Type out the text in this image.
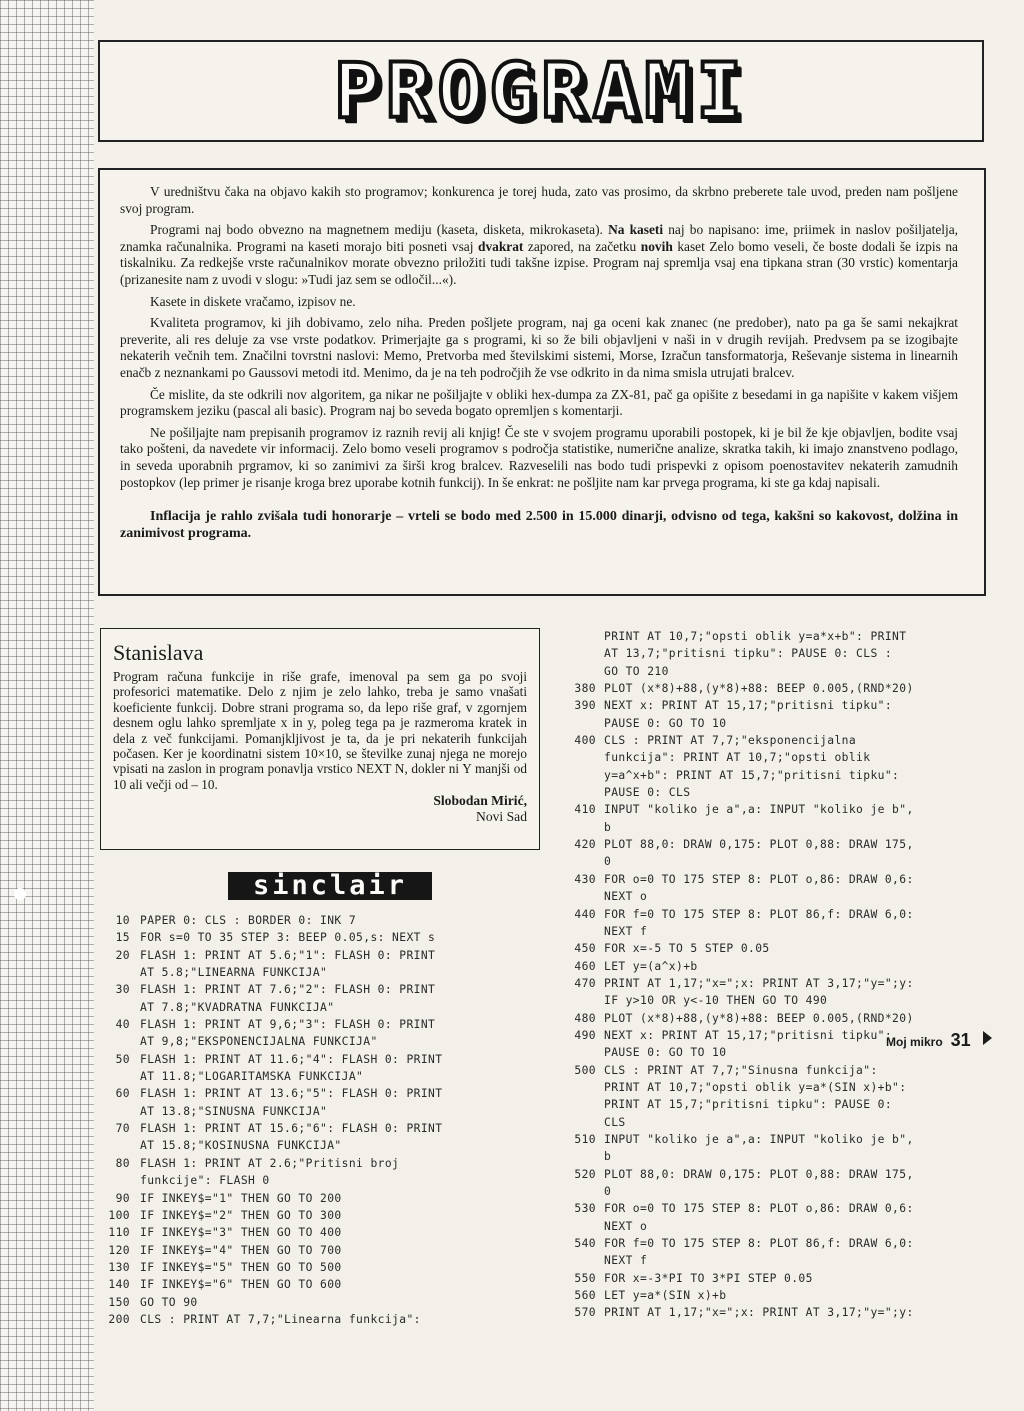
PROGRAMI

V uredništvu čaka na objavo kakih sto programov; konkurenca je torej huda, zato vas prosimo, da skrbno preberete tale uvod, preden nam pošljene svoj program.

Programi naj bodo obvezno na magnetnem mediju (kaseta, disketa, mikrokaseta). Na kaseti naj bo napisano: ime, priimek in naslov pošiljatelja, znamka računalnika. Programi na kaseti morajo biti posneti vsaj dvakrat zapored, na začetku novih kaset Zelo bomo veseli, če boste dodali še izpis na tiskalniku. Za redkejše vrste računalnikov morate obvezno priložiti tudi takšne izpise. Program naj spremlja vsaj ena tipkana stran (30 vrstic) komentarja (prizanesite nam z uvodi v slogu: »Tudi jaz sem se odločil...«).

Kasete in diskete vračamo, izpisov ne.

Kvaliteta programov, ki jih dobivamo, zelo niha. Preden pošljete program, naj ga oceni kak znanec (ne predober), nato pa ga še sami nekajkrat preverite, ali res deluje za vse vrste podatkov. Primerjajte ga s programi, ki so že bili objavljeni v naši in v drugih revijah. Predvsem pa se izogibajte nekaterih večnih tem. Značilni tovrstni naslovi: Memo, Pretvorba med številskimi sistemi, Morse, Izračun tansformatorja, Reševanje sistema in linearnih enačb z neznankami po Gaussovi metodi itd. Menimo, da je na teh področjih že vse odkrito in da nima smisla utrujati bralcev.

Če mislite, da ste odkrili nov algoritem, ga nikar ne pošiljajte v obliki hex-dumpa za ZX-81, pač ga opišite z besedami in ga napišite v kakem višjem programskem jeziku (pascal ali basic). Program naj bo seveda bogato opremljen s komentarji.

Ne pošiljajte nam prepisanih programov iz raznih revij ali knjig! Če ste v svojem programu uporabili postopek, ki je bil že kje objavljen, bodite vsaj tako pošteni, da navedete vir informacij. Zelo bomo veseli programov s področja statistike, numerične analize, skratka takih, ki imajo znanstveno podlago, in seveda uporabnih prgramov, ki so zanimivi za širši krog bralcev. Razveselili nas bodo tudi prispevki z opisom poenostavitev nekaterih zamudnih postopkov (lep primer je risanje kroga brez uporabe kotnih funkcij). In še enkrat: ne pošljite nam kar prvega programa, ki ste ga kdaj napisali.

Inflacija je rahlo zvišala tudi honorarje – vrteli se bodo med 2.500 in 15.000 dinarji, odvisno od tega, kakšni so kakovost, dolžina in zanimivost programa.

Stanislava

Program računa funkcije in riše grafe, imenoval pa sem ga po svoji profesorici matematike. Delo z njim je zelo lahko, treba je samo vnašati koeficiente funkcij. Dobre strani programa so, da lepo riše graf, v zgornjem desnem oglu lahko spremljate x in y, poleg tega pa je razmeroma kratek in dela z več funkcijami. Pomanjkljivost je ta, da je pri nekaterih funkcijah počasen. Ker je koordinatni sistem 10×10, se številke zunaj njega ne morejo vpisati na zaslon in program ponavlja vrstico NEXT N, dokler ni Y manjši od 10 ali večji od – 10.

Slobodan Mirić,
Novi Sad
sinclair
10 PAPER 0: CLS : BORDER 0: INK 7
15 FOR s=0 TO 35 STEP 3: BEEP 0.05,s: NEXT s
20 FLASH 1: PRINT AT 5.6;"1": FLASH 0: PRINT
AT 5.8;"LINEARNA FUNKCIJA"
30 FLASH 1: PRINT AT 7.6;"2": FLASH 0: PRINT
AT 7.8;"KVADRATNA FUNKCIJA"
40 FLASH 1: PRINT AT 9,6;"3": FLASH 0: PRINT
AT 9,8;"EKSPONENCIJALNA FUNKCIJA"
50 FLASH 1: PRINT AT 11.6;"4": FLASH 0: PRINT
AT 11.8;"LOGARITAMSKA FUNKCIJA"
60 FLASH 1: PRINT AT 13.6;"5": FLASH 0: PRINT
AT 13.8;"SINUSNA FUNKCIJA"
70 FLASH 1: PRINT AT 15.6;"6": FLASH 0: PRINT
AT 15.8;"KOSINUSNA FUNKCIJA"
80 FLASH 1: PRINT AT 2.6;"Pritisni broj
funkcije": FLASH 0
90 IF INKEY$="1" THEN GO TO 200
100 IF INKEY$="2" THEN GO TO 300
110 IF INKEY$="3" THEN GO TO 400
120 IF INKEY$="4" THEN GO TO 700
130 IF INKEY$="5" THEN GO TO 500
140 IF INKEY$="6" THEN GO TO 600
150 GO TO 90
200 CLS : PRINT AT 7,7;"Linearna funkcija":
PRINT AT 10,7;"opsti oblik y=a*x+b": PRINT
AT 13,7;"pritisni tipku": PAUSE 0: CLS :
GO TO 210
380 PLOT (x*8)+88,(y*8)+88: BEEP 0.005,(RND*20)
390 NEXT x: PRINT AT 15,17;"pritisni tipku":
PAUSE 0: GO TO 10
400 CLS : PRINT AT 7,7;"eksponencijalna
funkcija": PRINT AT 10,7;"opsti oblik
y=a^x+b": PRINT AT 15,7;"pritisni tipku":
PAUSE 0: CLS
410 INPUT "koliko je a",a: INPUT "koliko je b",
b
420 PLOT 88,0: DRAW 0,175: PLOT 0,88: DRAW 175,
0
430 FOR o=0 TO 175 STEP 8: PLOT o,86: DRAW 0,6:
NEXT o
440 FOR f=0 TO 175 STEP 8: PLOT 86,f: DRAW 6,0:
NEXT f
450 FOR x=-5 TO 5 STEP 0.05
460 LET y=(a^x)+b
470 PRINT AT 1,17;"x=";x: PRINT AT 3,17;"y=";y:
IF y>10 OR y<-10 THEN GO TO 490
480 PLOT (x*8)+88,(y*8)+88: BEEP 0.005,(RND*20)
490 NEXT x: PRINT AT 15,17;"pritisni tipku":
PAUSE 0: GO TO 10
500 CLS : PRINT AT 7,7;"Sinusna funkcija":
PRINT AT 10,7;"opsti oblik y=a*(SIN x)+b":
PRINT AT 15,7;"pritisni tipku": PAUSE 0:
CLS
510 INPUT "koliko je a",a: INPUT "koliko je b",
b
520 PLOT 88,0: DRAW 0,175: PLOT 0,88: DRAW 175,
0
530 FOR o=0 TO 175 STEP 8: PLOT o,86: DRAW 0,6:
NEXT o
540 FOR f=0 TO 175 STEP 8: PLOT 86,f: DRAW 6,0:
NEXT f
550 FOR x=-3*PI TO 3*PI STEP 0.05
560 LET y=a*(SIN x)+b
570 PRINT AT 1,17;"x=";x: PRINT AT 3,17;"y=";y:
Moj mikro 31
